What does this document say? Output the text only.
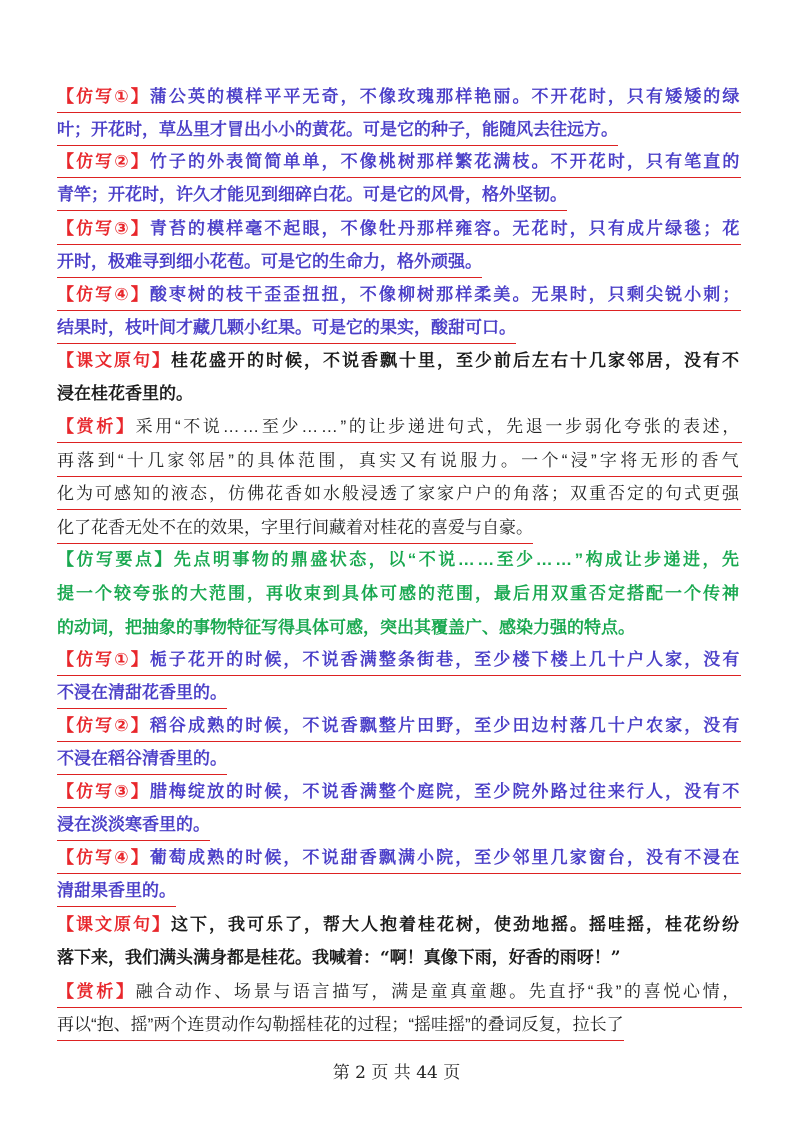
【仿写①】蒲公英的模样平平无奇，不像玫瑰那样艳丽。不开花时，只有矮矮的绿
叶；开花时，草丛里才冒出小小的黄花。可是它的种子，能随风去往远方。
【仿写②】竹子的外表简简单单，不像桃树那样繁花满枝。不开花时，只有笔直的
青竿；开花时，许久才能见到细碎白花。可是它的风骨，格外坚韧。
【仿写③】青苔的模样毫不起眼，不像牡丹那样雍容。无花时，只有成片绿毯；花
开时，极难寻到细小花苞。可是它的生命力，格外顽强。
【仿写④】酸枣树的枝干歪歪扭扭，不像柳树那样柔美。无果时，只剩尖锐小刺；
结果时，枝叶间才藏几颗小红果。可是它的果实，酸甜可口。
【课文原句】桂花盛开的时候，不说香飘十里，至少前后左右十几家邻居，没有不
浸在桂花香里的。
【赏析】采用“不说……至少……”的让步递进句式，先退一步弱化夸张的表述，
再落到“十几家邻居”的具体范围，真实又有说服力。一个“浸”字将无形的香气
化为可感知的液态，仿佛花香如水般浸透了家家户户的角落；双重否定的句式更强
化了花香无处不在的效果，字里行间藏着对桂花的喜爱与自豪。
【仿写要点】先点明事物的鼎盛状态，以“不说……至少……”构成让步递进，先
提一个较夸张的大范围，再收束到具体可感的范围，最后用双重否定搭配一个传神
的动词，把抽象的事物特征写得具体可感，突出其覆盖广、感染力强的特点。
【仿写①】栀子花开的时候，不说香满整条街巷，至少楼下楼上几十户人家，没有
不浸在清甜花香里的。
【仿写②】稻谷成熟的时候，不说香飘整片田野，至少田边村落几十户农家，没有
不浸在稻谷清香里的。
【仿写③】腊梅绽放的时候，不说香满整个庭院，至少院外路过往来行人，没有不
浸在淡淡寒香里的。
【仿写④】葡萄成熟的时候，不说甜香飘满小院，至少邻里几家窗台，没有不浸在
清甜果香里的。
【课文原句】这下，我可乐了，帮大人抱着桂花树，使劲地摇。摇哇摇，桂花纷纷
落下来，我们满头满身都是桂花。我喊着：“啊！真像下雨，好香的雨呀！”
【赏析】融合动作、场景与语言描写，满是童真童趣。先直抒“我”的喜悦心情，
再以“抱、摇”两个连贯动作勾勒摇桂花的过程；“摇哇摇”的叠词反复，拉长了
第 2 页 共 44 页
